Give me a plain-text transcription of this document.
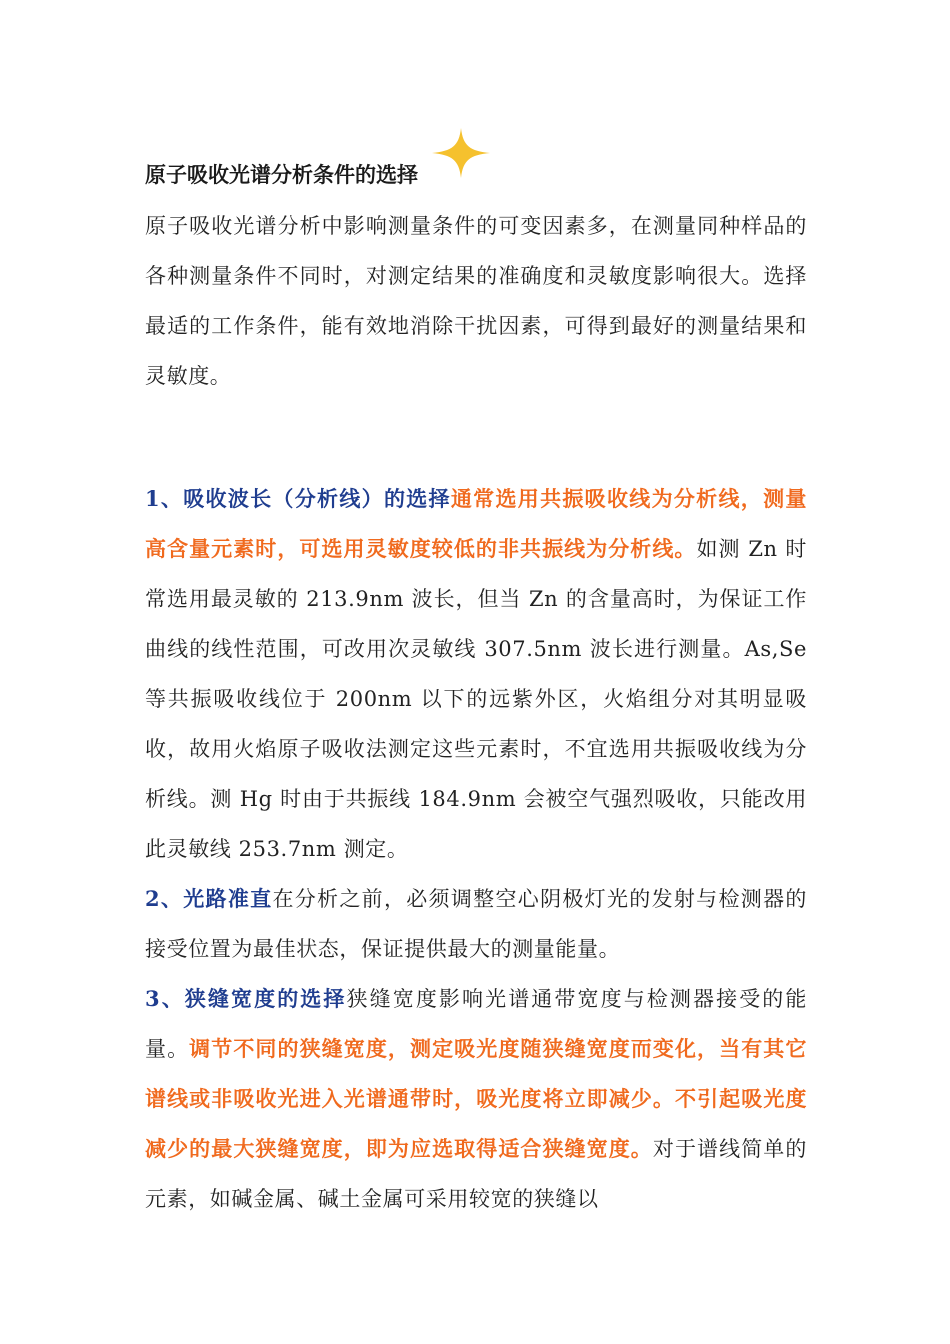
原子吸收光谱分析条件的选择
原子吸收光谱分析中影响测量条件的可变因素多，在测量同种样品的各种测量条件不同时，对测定结果的准确度和灵敏度影响很大。选择最适的工作条件，能有效地消除干扰因素，可得到最好的测量结果和灵敏度。
1、吸收波长（分析线）的选择通常选用共振吸收线为分析线，测量高含量元素时，可选用灵敏度较低的非共振线为分析线。如测 Zn 时常选用最灵敏的 213.9nm 波长，但当 Zn 的含量高时，为保证工作曲线的线性范围，可改用次灵敏线 307.5nm 波长进行测量。As,Se 等共振吸收线位于 200nm 以下的远紫外区，火焰组分对其明显吸收，故用火焰原子吸收法测定这些元素时，不宜选用共振吸收线为分析线。测 Hg 时由于共振线 184.9nm 会被空气强烈吸收，只能改用此灵敏线 253.7nm 测定。
2、光路准直在分析之前，必须调整空心阴极灯光的发射与检测器的接受位置为最佳状态，保证提供最大的测量能量。
3、狭缝宽度的选择狭缝宽度影响光谱通带宽度与检测器接受的能量。调节不同的狭缝宽度，测定吸光度随狭缝宽度而变化，当有其它谱线或非吸收光进入光谱通带时，吸光度将立即减少。不引起吸光度减少的最大狭缝宽度，即为应选取得适合狭缝宽度。对于谱线简单的元素，如碱金属、碱土金属可采用较宽的狭缝以
